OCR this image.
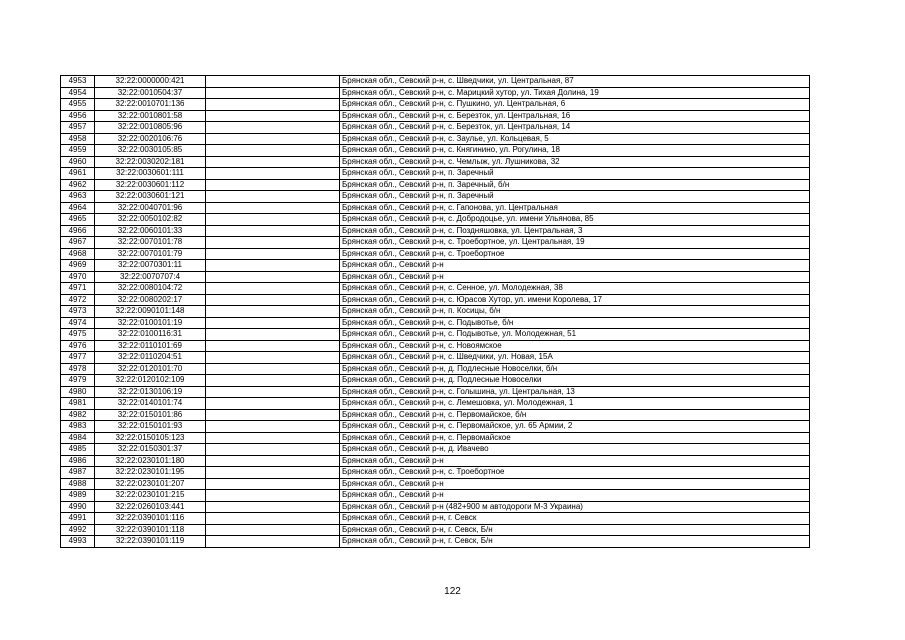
4953	32:22:0000000:421		Брянская обл., Севский р-н, с. Шведчики, ул. Центральная, 87
4954	32:22:0010504:37		Брянская обл., Севский р-н, с. Марицкий хутор, ул. Тихая Долина, 19
4955	32:22:0010701:136		Брянская обл., Севский р-н, с. Пушкино, ул. Центральная, 6
4956	32:22:0010801:58		Брянская обл., Севский р-н, с. Березток, ул. Центральная, 16
4957	32:22:0010805:96		Брянская обл., Севский р-н, с. Березток, ул. Центральная, 14
4958	32:22:0020106:76		Брянская обл., Севский р-н, с. Заулье, ул. Кольцевая, 5
4959	32:22:0030105:85		Брянская обл., Севский р-н, с. Княгинино, ул. Рогулина, 18
4960	32:22:0030202:181		Брянская обл., Севский р-н, с. Чемлыж, ул. Лушникова, 32
4961	32:22:0030601:111		Брянская обл., Севский р-н, п. Заречный
4962	32:22:0030601:112		Брянская обл., Севский р-н, п. Заречный, б/н
4963	32:22:0030601:121		Брянская обл., Севский р-н, п. Заречный
4964	32:22:0040701:96		Брянская обл., Севский р-н, с. Гапонова, ул. Центральная
4965	32:22:0050102:82		Брянская обл., Севский р-н, с. Добродоцье, ул. имени Ульянова, 85
4966	32:22:0060101:33		Брянская обл., Севский р-н, с. Поздняшовка, ул. Центральная, 3
4967	32:22:0070101:78		Брянская обл., Севский р-н, с. Троебортное, ул. Центральная, 19
4968	32:22:0070101:79		Брянская обл., Севский р-н, с. Троебортное
4969	32:22:0070301:11		Брянская обл., Севский р-н
4970	32:22:0070707:4		Брянская обл., Севский р-н
4971	32:22:0080104:72		Брянская обл., Севский р-н, с. Сенное, ул. Молодежная, 38
4972	32:22:0080202:17		Брянская обл., Севский р-н, с. Юрасов Хутор, ул. имени Королева, 17
4973	32:22:0090101:148		Брянская обл., Севский р-н, п. Косицы, б/н
4974	32:22:0100101:19		Брянская обл., Севский р-н, с. Подывотье, б/н
4975	32:22:0100116:31		Брянская обл., Севский р-н, с. Подывотье, ул. Молодежная, 51
4976	32:22:0110101:69		Брянская обл., Севский р-н, с. Новоямское
4977	32:22:0110204:51		Брянская обл., Севский р-н, с. Шведчики, ул. Новая, 15А
4978	32:22:0120101:70		Брянская обл., Севский р-н, д. Подлесные Новоселки, б/н
4979	32:22:0120102:109		Брянская обл., Севский р-н, д. Подлесные Новоселки
4980	32:22:0130106:19		Брянская обл., Севский р-н, с. Голышина, ул. Центральная, 13
4981	32:22:0140101:74		Брянская обл., Севский р-н, с. Лемешовка, ул. Молодежная, 1
4982	32:22:0150101:86		Брянская обл., Севский р-н, с. Первомайское, б/н
4983	32:22:0150101:93		Брянская обл., Севский р-н, с. Первомайское, ул. 65 Армии, 2
4984	32:22:0150105:123		Брянская обл., Севский р-н, с. Первомайское
4985	32:22:0150301:37		Брянская обл., Севский р-н, д. Ивачево
4986	32:22:0230101:180		Брянская обл., Севский р-н
4987	32:22:0230101:195		Брянская обл., Севский р-н, с. Троебортное
4988	32:22:0230101:207		Брянская обл., Севский р-н
4989	32:22:0230101:215		Брянская обл., Севский р-н
4990	32:22:0260103:441		Брянская обл., Севский р-н (482+900 м автодороги М-3 Украина)
4991	32:22:0390101:116		Брянская обл., Севский р-н, г. Севск
4992	32:22:0390101:118		Брянская обл., Севский р-н, г. Севск, Б/н
4993	32:22:0390101:119		Брянская обл., Севский р-н, г. Севск, Б/н
122
